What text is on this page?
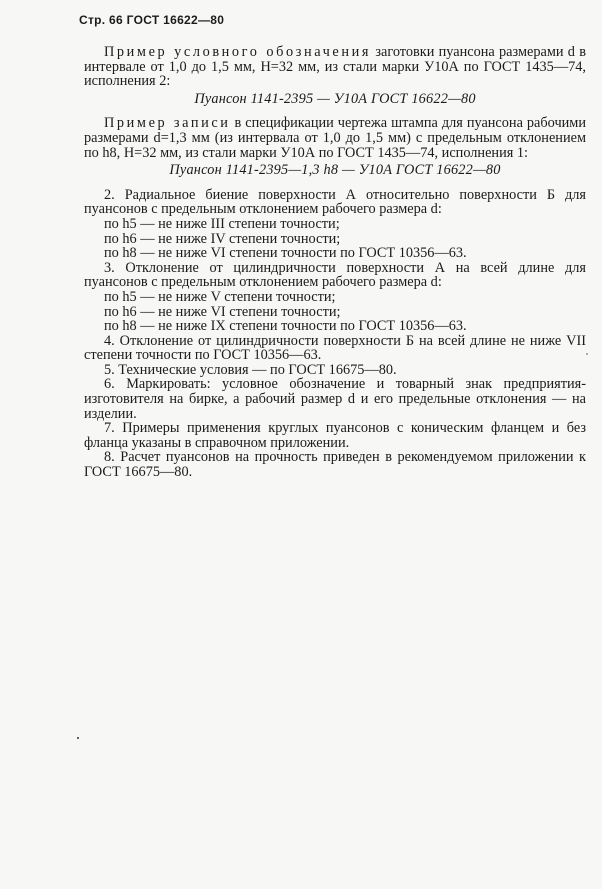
Стр. 66 ГОСТ 16622—80

Пример условного обозначения заготовки пуансона размерами d в интервале от 1,0 до 1,5 мм, H=32 мм, из стали марки У10А по ГОСТ 1435—74, исполнения 2:

Пуансон 1141-2395 — У10А ГОСТ 16622—80

Пример записи в спецификации чертежа штампа для пуансона рабочими размерами d=1,3 мм (из интервала от 1,0 до 1,5 мм) с предельным отклонением по h8, H=32 мм, из стали марки У10А по ГОСТ 1435—74, исполнения 1:

Пуансон 1141-2395—1,3 h8 — У10А ГОСТ 16622—80

2. Радиальное биение поверхности А относительно поверхности Б для пуансонов с предельным отклонением рабочего размера d:

по h5 — не ниже III степени точности;

по h6 — не ниже IV степени точности;

по h8 — не ниже VI степени точности по ГОСТ 10356—63.

3. Отклонение от цилиндричности поверхности А на всей длине для пуансонов с предельным отклонением рабочего размера d:

по h5 — не ниже V степени точности;

по h6 — не ниже VI степени точности;

по h8 — не ниже IX степени точности по ГОСТ 10356—63.

4. Отклонение от цилиндричности поверхности Б на всей длине не ниже VII степени точности по ГОСТ 10356—63.

5. Технические условия — по ГОСТ 16675—80.

6. Маркировать: условное обозначение и товарный знак предприятия-изготовителя на бирке, а рабочий размер d и его предельные отклонения — на изделии.

7. Примеры применения круглых пуансонов с коническим фланцем и без фланца указаны в справочном приложении.

8. Расчет пуансонов на прочность приведен в рекомендуемом приложении к ГОСТ 16675—80.
